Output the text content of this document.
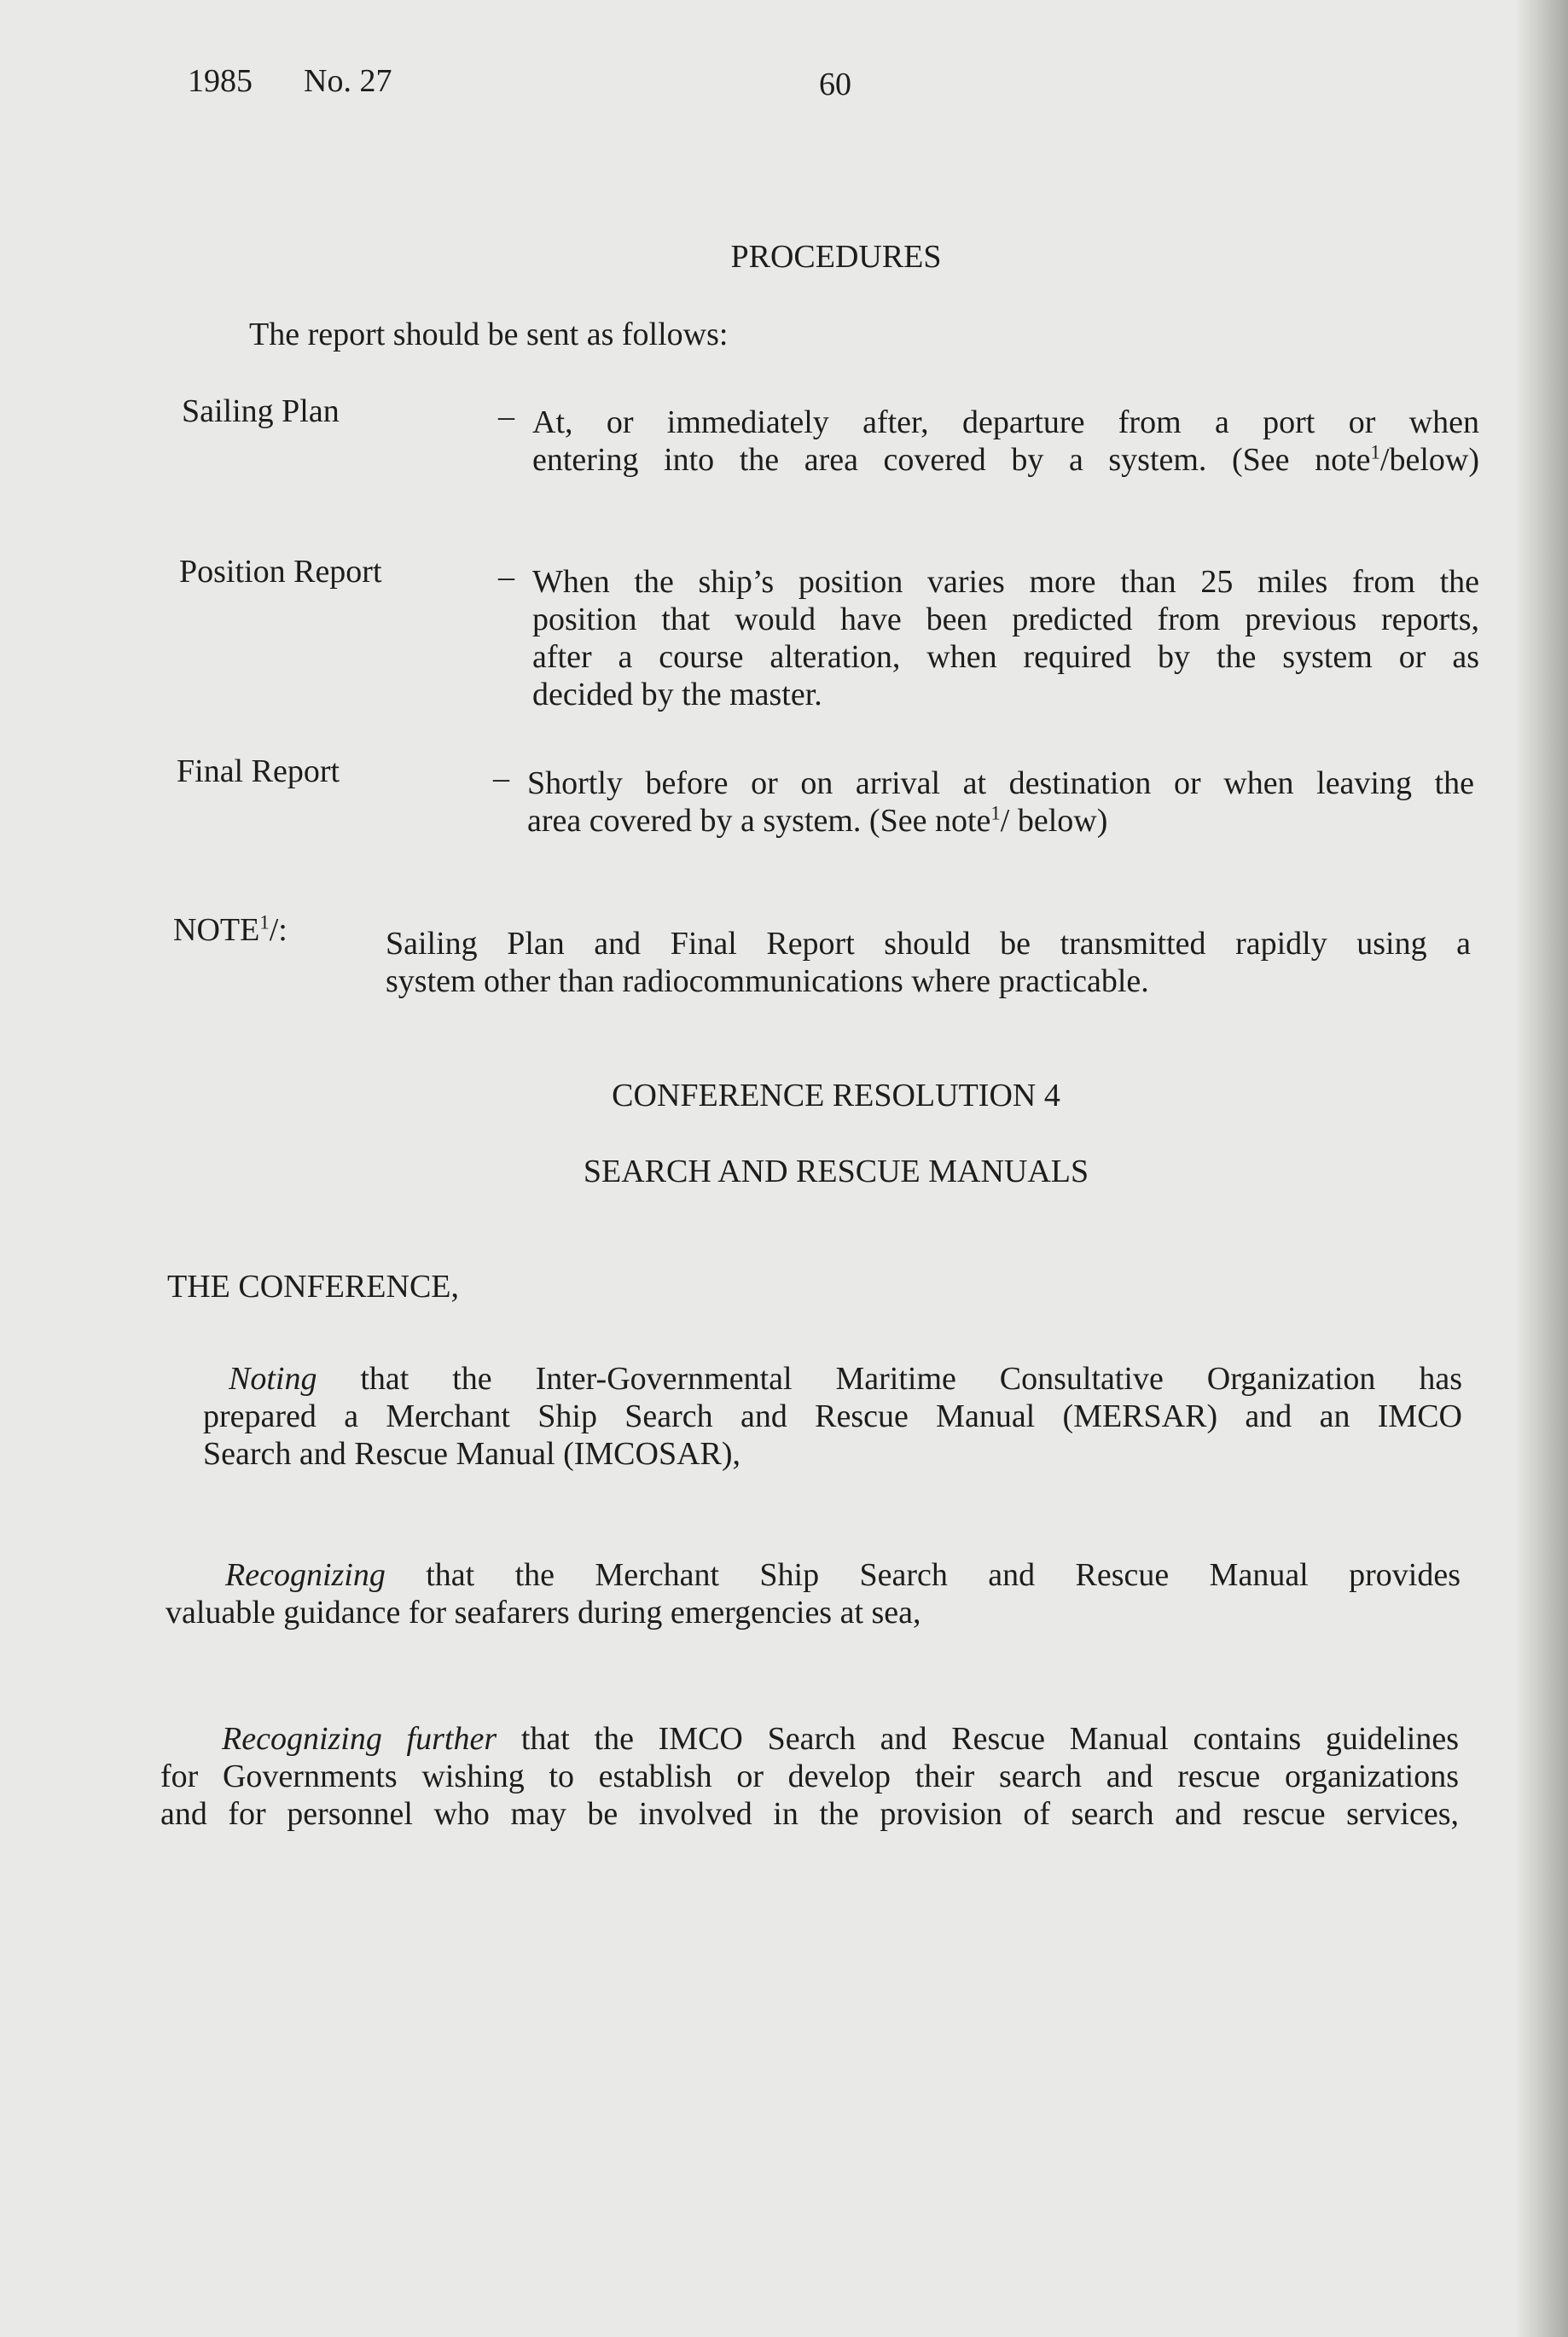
1985 No. 27	60
PROCEDURES
The report should be sent as follows:
Sailing Plan	– At, or immediately after, departure from a port or when
entering into the area covered by a system. (See note$^1$/below)
Position Report	– When the ship’s position varies more than 25 miles from the
position that would have been predicted from previous reports,
after a course alteration, when required by the system or as
decided by the master.
Final Report	– Shortly before or on arrival at destination or when leaving the
area covered by a system. (See note$^1$/ below)
NOTE$^1$/:	Sailing Plan and Final Report should be transmitted rapidly using a
system other than radiocommunications where practicable.
CONFERENCE RESOLUTION 4
SEARCH AND RESCUE MANUALS
THE CONFERENCE,
Noting that the Inter-Governmental Maritime Consultative Organization has
prepared a Merchant Ship Search and Rescue Manual (MERSAR) and an IMCO
Search and Rescue Manual (IMCOSAR),
Recognizing that the Merchant Ship Search and Rescue Manual provides
valuable guidance for seafarers during emergencies at sea,
Recognizing further that the IMCO Search and Rescue Manual contains guidelines
for Governments wishing to establish or develop their search and rescue organizations
and for personnel who may be involved in the provision of search and rescue services,
